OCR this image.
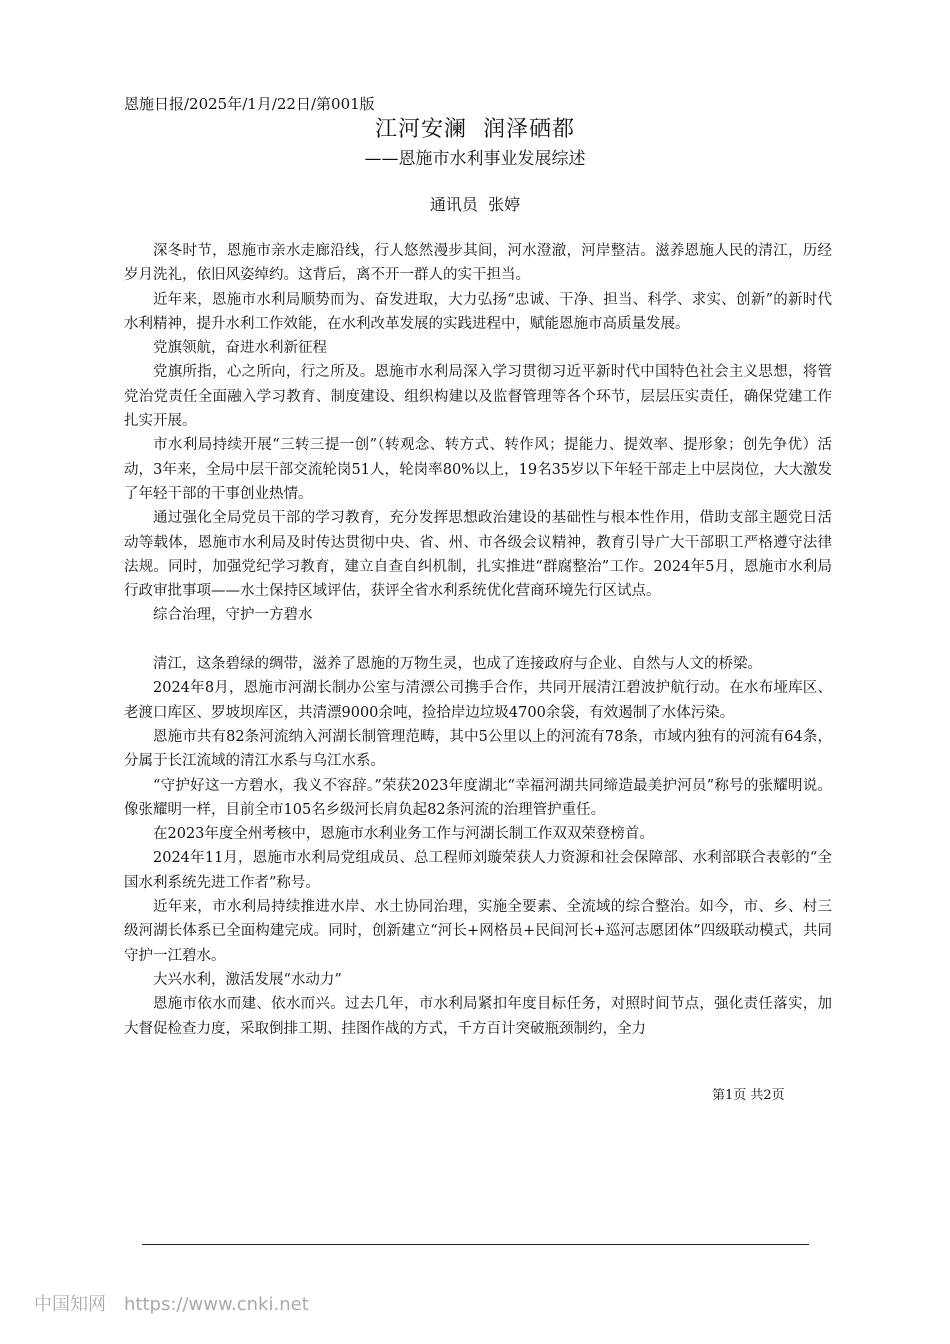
恩施日报/2025年/1月/22日/第001版
江河安澜  润泽硒都
——恩施市水利事业发展综述
通讯员  张婷

深冬时节，恩施市亲水走廊沿线，行人悠然漫步其间，河水澄澈，河岸整洁。滋养恩施人民的清江，历经岁月洗礼，依旧风姿绰约。这背后，离不开一群人的实干担当。

近年来，恩施市水利局顺势而为、奋发进取，大力弘扬“忠诚、干净、担当、科学、求实、创新”的新时代水利精神，提升水利工作效能，在水利改革发展的实践进程中，赋能恩施市高质量发展。

党旗领航，奋进水利新征程

党旗所指，心之所向，行之所及。恩施市水利局深入学习贯彻习近平新时代中国特色社会主义思想，将管党治党责任全面融入学习教育、制度建设、组织构建以及监督管理等各个环节，层层压实责任，确保党建工作扎实开展。

市水利局持续开展“三转三提一创”（转观念、转方式、转作风；提能力、提效率、提形象；创先争优）活动，3年来，全局中层干部交流轮岗51人，轮岗率80%以上，19名35岁以下年轻干部走上中层岗位，大大激发了年轻干部的干事创业热情。

通过强化全局党员干部的学习教育，充分发挥思想政治建设的基础性与根本性作用，借助支部主题党日活动等载体，恩施市水利局及时传达贯彻中央、省、州、市各级会议精神，教育引导广大干部职工严格遵守法律法规。同时，加强党纪学习教育，建立自查自纠机制，扎实推进“群腐整治”工作。2024年5月，恩施市水利局行政审批事项——水土保持区域评估，获评全省水利系统优化营商环境先行区试点。

综合治理，守护一方碧水

清江，这条碧绿的绸带，滋养了恩施的万物生灵，也成了连接政府与企业、自然与人文的桥梁。

2024年8月，恩施市河湖长制办公室与清漂公司携手合作，共同开展清江碧波护航行动。在水布垭库区、老渡口库区、罗坡坝库区，共清漂9000余吨，捡拾岸边垃圾4700余袋，有效遏制了水体污染。

恩施市共有82条河流纳入河湖长制管理范畴，其中5公里以上的河流有78条，市域内独有的河流有64条，分属于长江流域的清江水系与乌江水系。

“守护好这一方碧水，我义不容辞。”荣获2023年度湖北“幸福河湖共同缔造最美护河员”称号的张耀明说。像张耀明一样，目前全市105名乡级河长肩负起82条河流的治理管护重任。

在2023年度全州考核中，恩施市水利业务工作与河湖长制工作双双荣登榜首。

2024年11月，恩施市水利局党组成员、总工程师刘璇荣获人力资源和社会保障部、水利部联合表彰的“全国水利系统先进工作者”称号。

近年来，市水利局持续推进水岸、水土协同治理，实施全要素、全流域的综合整治。如今，市、乡、村三级河湖长体系已全面构建完成。同时，创新建立“河长+网格员+民间河长+巡河志愿团体”四级联动模式，共同守护一江碧水。

大兴水利，激活发展“水动力”

恩施市依水而建、依水而兴。过去几年，市水利局紧扣年度目标任务，对照时间节点，强化责任落实，加大督促检查力度，采取倒排工期、挂图作战的方式，千方百计突破瓶颈制约，全力

第1页 共2页
中国知网 https://www.cnki.net
